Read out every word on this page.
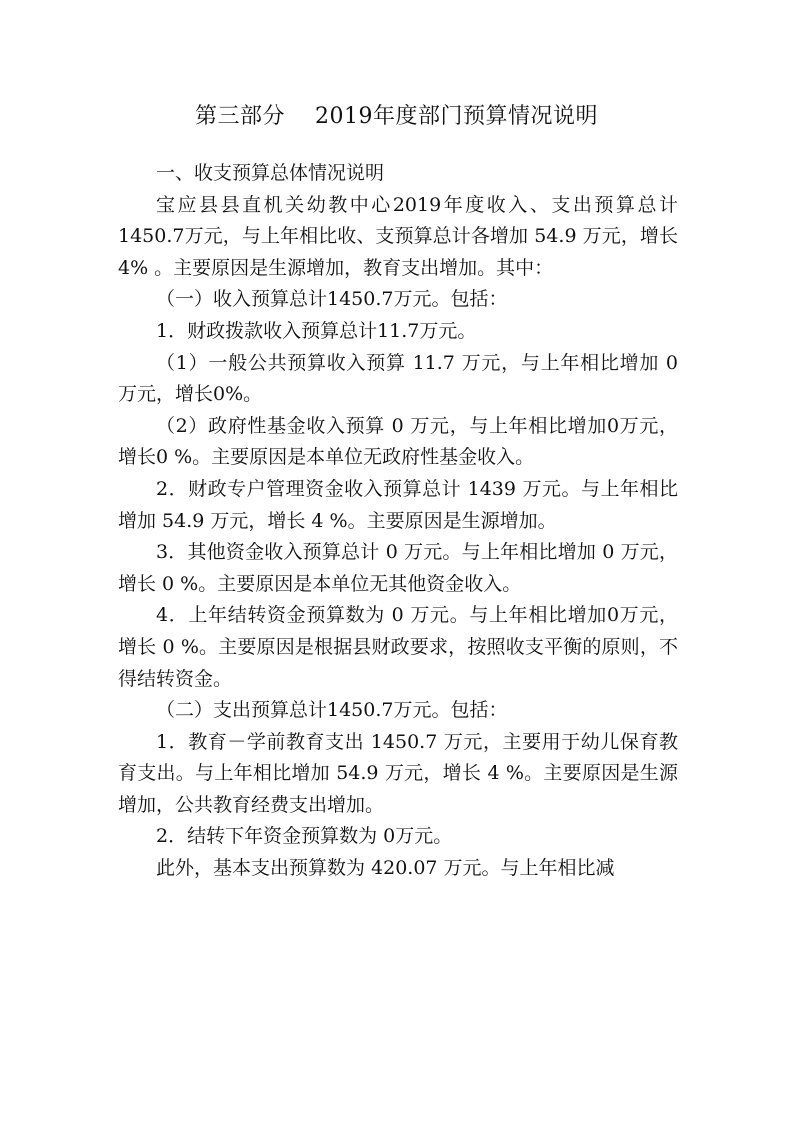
第三部分    2019年度部门预算情况说明

一、收支预算总体情况说明

宝应县县直机关幼教中心2019年度收入、支出预算总计1450.7万元，与上年相比收、支预算总计各增加 54.9 万元，增长 4% 。主要原因是生源增加，教育支出增加。其中：

（一）收入预算总计1450.7万元。包括：

1．财政拨款收入预算总计11.7万元。

（1）一般公共预算收入预算 11.7 万元，与上年相比增加 0 万元，增长0%。

（2）政府性基金收入预算 0 万元，与上年相比增加0万元，增长0 %。主要原因是本单位无政府性基金收入。

2．财政专户管理资金收入预算总计 1439 万元。与上年相比增加 54.9 万元，增长 4 %。主要原因是生源增加。

3．其他资金收入预算总计 0 万元。与上年相比增加 0 万元，增长 0 %。主要原因是本单位无其他资金收入。

4．上年结转资金预算数为 0 万元。与上年相比增加0万元，增长 0 %。主要原因是根据县财政要求，按照收支平衡的原则，不得结转资金。

（二）支出预算总计1450.7万元。包括：

1．教育－学前教育支出 1450.7 万元，主要用于幼儿保育教育支出。与上年相比增加 54.9 万元，增长 4 %。主要原因是生源增加，公共教育经费支出增加。

2．结转下年资金预算数为 0万元。

此外，基本支出预算数为 420.07 万元。与上年相比减
